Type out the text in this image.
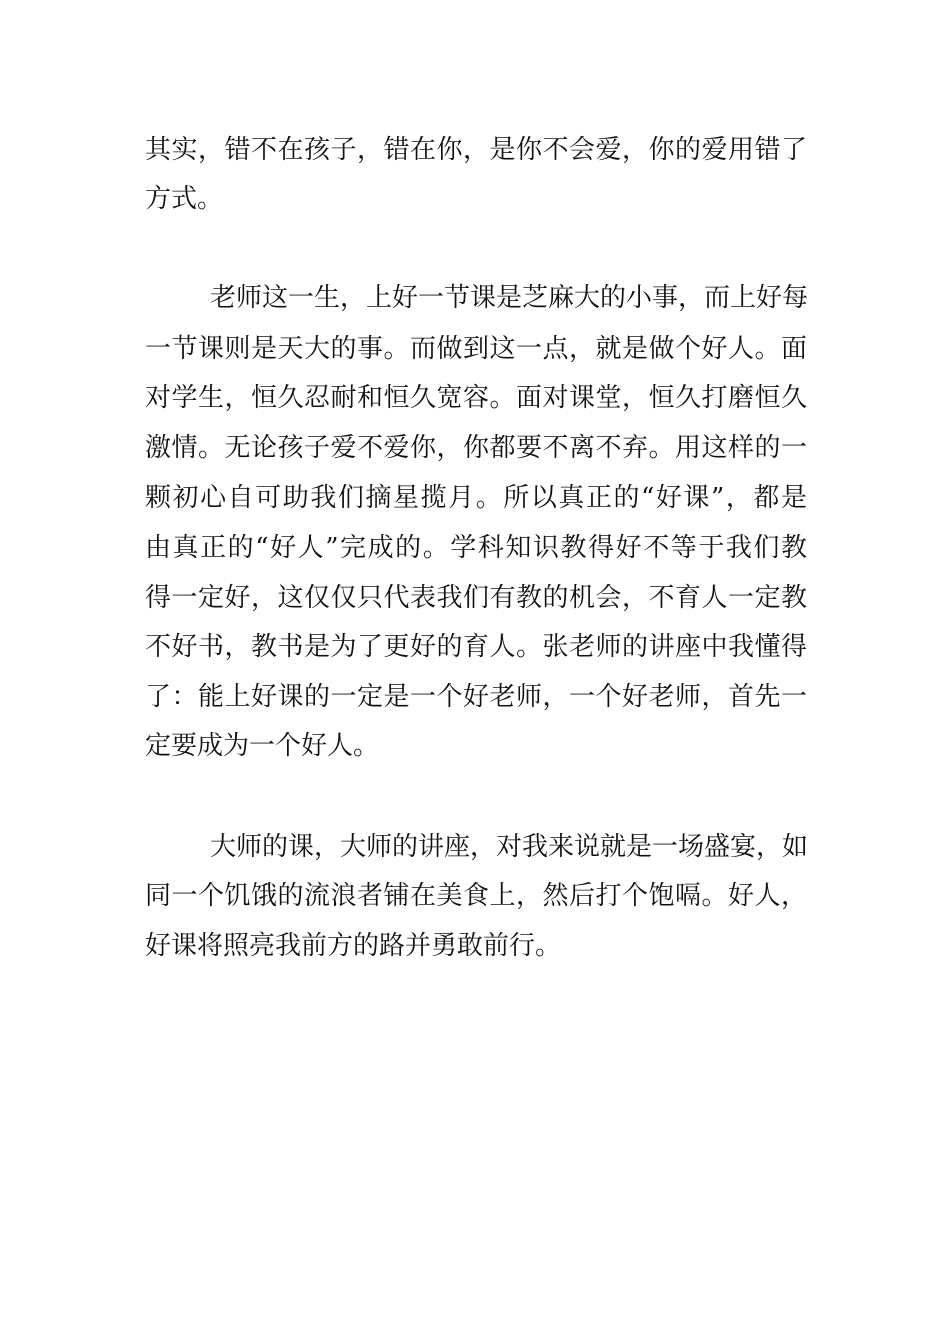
其实，错不在孩子，错在你，是你不会爱，你的爱用错了
方式。
老师这一生，上好一节课是芝麻大的小事，而上好每
一节课则是天大的事。而做到这一点，就是做个好人。面
对学生，恒久忍耐和恒久宽容。面对课堂，恒久打磨恒久
激情。无论孩子爱不爱你，你都要不离不弃。用这样的一
颗初心自可助我们摘星揽月。所以真正的“好课”，都是
由真正的“好人”完成的。学科知识教得好不等于我们教
得一定好，这仅仅只代表我们有教的机会，不育人一定教
不好书，教书是为了更好的育人。张老师的讲座中我懂得
了：能上好课的一定是一个好老师，一个好老师，首先一
定要成为一个好人。
大师的课，大师的讲座，对我来说就是一场盛宴，如
同一个饥饿的流浪者铺在美食上，然后打个饱嗝。好人，
好课将照亮我前方的路并勇敢前行。
